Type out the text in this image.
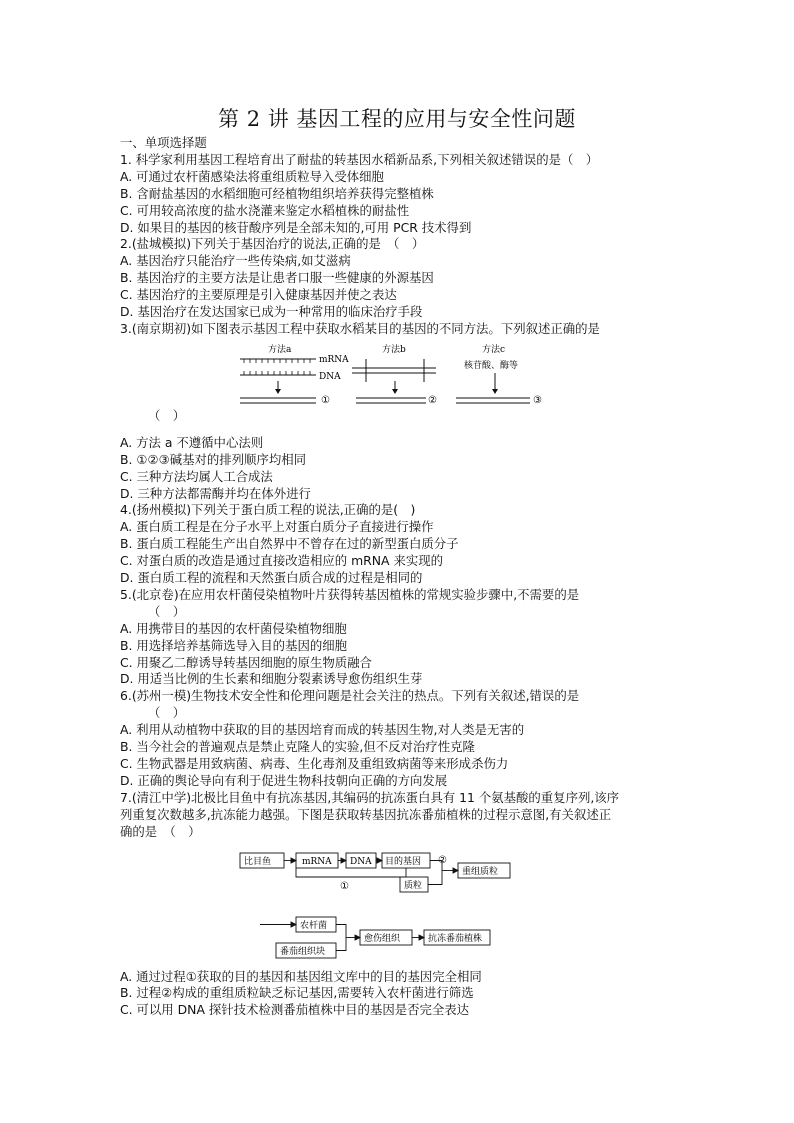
第 2 讲 基因工程的应用与安全性问题
一、单项选择题
1. 科学家利用基因工程培育出了耐盐的转基因水稻新品系,下列相关叙述错误的是（　）
A. 可通过农杆菌感染法将重组质粒导入受体细胞
B. 含耐盐基因的水稻细胞可经植物组织培养获得完整植株
C. 可用较高浓度的盐水浇灌来鉴定水稻植株的耐盐性
D. 如果目的基因的核苷酸序列是全部未知的,可用 PCR 技术得到
2.(盐城模拟)下列关于基因治疗的说法,正确的是　（　）
A. 基因治疗只能治疗一些传染病,如艾滋病
B. 基因治疗的主要方法是让患者口服一些健康的外源基因
C. 基因治疗的主要原理是引入健康基因并使之表达
D. 基因治疗在发达国家已成为一种常用的临床治疗手段
3.(南京期初)如下图表示基因工程中获取水稻某目的基因的不同方法。下列叙述正确的是
方法a
mRNA
DNA
①
方法b
②
方法c
核苷酸、酶等
③
（　）
A. 方法 a 不遵循中心法则
B. ①②③碱基对的排列顺序均相同
C. 三种方法均属人工合成法
D. 三种方法都需酶并均在体外进行
4.(扬州模拟)下列关于蛋白质工程的说法,正确的是(　)
A. 蛋白质工程是在分子水平上对蛋白质分子直接进行操作
B. 蛋白质工程能生产出自然界中不曾存在过的新型蛋白质分子
C. 对蛋白质的改造是通过直接改造相应的 mRNA 来实现的
D. 蛋白质工程的流程和天然蛋白质合成的过程是相同的
5.(北京卷)在应用农杆菌侵染植物叶片获得转基因植株的常规实验步骤中,不需要的是
（　）
A. 用携带目的基因的农杆菌侵染植物细胞
B. 用选择培养基筛选导入目的基因的细胞
C. 用聚乙二醇诱导转基因细胞的原生物质融合
D. 用适当比例的生长素和细胞分裂素诱导愈伤组织生芽
6.(苏州一模)生物技术安全性和伦理问题是社会关注的热点。下列有关叙述,错误的是
（　）
A. 利用从动植物中获取的目的基因培育而成的转基因生物,对人类是无害的
B. 当今社会的普遍观点是禁止克隆人的实验,但不反对治疗性克隆
C. 生物武器是用致病菌、病毒、生化毒剂及重组致病菌等来形成杀伤力
D. 正确的舆论导向有利于促进生物科技朝向正确的方向发展
7.(清江中学)北极比目鱼中有抗冻基因,其编码的抗冻蛋白具有 11 个氨基酸的重复序列,该序
列重复次数越多,抗冻能力越强。下图是获取转基因抗冻番茄植株的过程示意图,有关叙述正
确的是　（　）
比目鱼	mRNA DNA 目的基因
质粒
重组质粒
农杆菌
番茄组织块
愈伤组织	抗冻番茄植株
①
②
A. 通过过程①获取的目的基因和基因组文库中的目的基因完全相同
B. 过程②构成的重组质粒缺乏标记基因,需要转入农杆菌进行筛选
C. 可以用 DNA 探针技术检测番茄植株中目的基因是否完全表达
